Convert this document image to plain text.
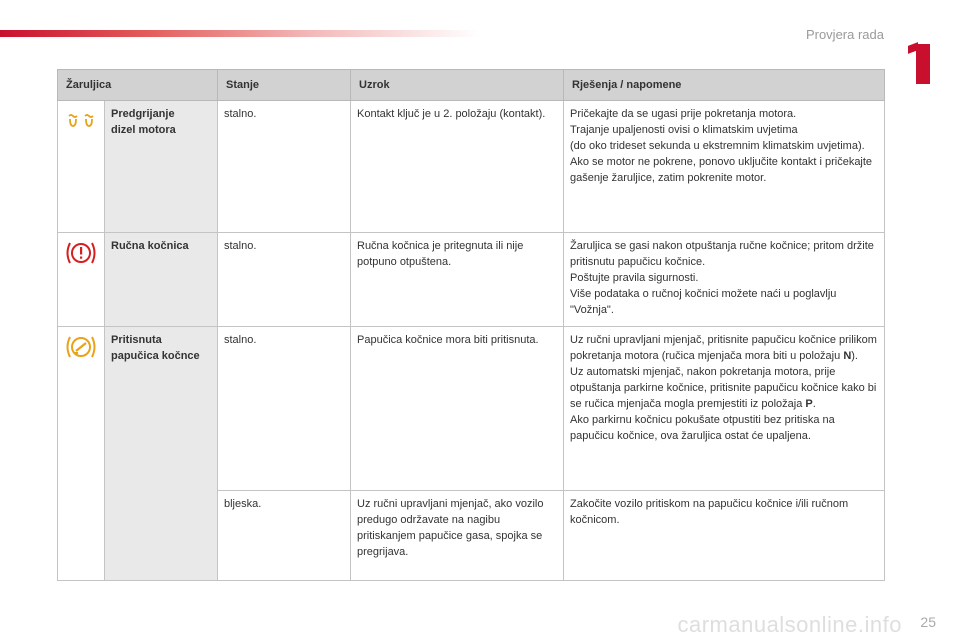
Provjera rada
Žaruljica		Stanje	Uzrok	Rješenja / napomene

	Predgrijanje
dizel motora	stalno.	Kontakt ključ je u 2. položaju (kontakt).	Pričekajte da se ugasi prije pokretanja motora.
Trajanje upaljenosti ovisi o klimatskim uvjetima
(do oko trideset sekunda u ekstremnim klimatskim uvjetima).
Ako se motor ne pokrene, ponovo uključite kontakt i pričekajte gašenje žaruljice, zatim pokrenite motor.

	Ručna kočnica	stalno.	Ručna kočnica je pritegnuta ili nije potpuno otpuštena.	Žaruljica se gasi nakon otpuštanja ručne kočnice; pritom držite pritisnutu papučicu kočnice.
Poštujte pravila sigurnosti.
Više podataka o ručnoj kočnici možete naći u poglavlju "Vožnja".

	Pritisnuta
papučica kočnce	stalno.	Papučica kočnice mora biti pritisnuta.	Uz ručni upravljani mjenjač, pritisnite papučicu kočnice prilikom pokretanja motora (ručica mjenjača mora biti u položaju N).
Uz automatski mjenjač, nakon pokretanja motora, prije otpuštanja parkirne kočnice, pritisnite papučicu kočnice kako bi se ručica mjenjača mogla premjestiti iz položaja P.
Ako parkirnu kočnicu pokušate otpustiti bez pritiska na papučicu kočnice, ova žaruljica ostat će upaljena.
		bljeska.	Uz ručni upravljani mjenjač, ako vozilo predugo održavate na nagibu pritiskanjem papučice gasa, spojka se pregrijava.	Zakočite vozilo pritiskom na papučicu kočnice i/ili ručnom kočnicom.
carmanualsonline.info 25
